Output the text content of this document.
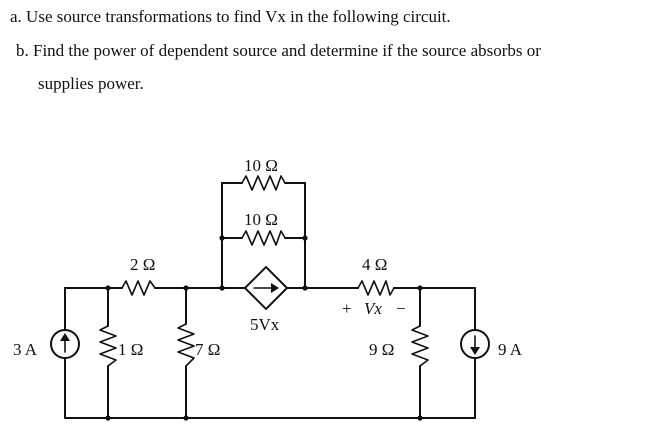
a. Use source transformations to find Vx in the following circuit.
b. Find the power of dependent source and determine if the source absorbs or
supplies power.
3 A	9 A
2 Ω
1 Ω	7 Ω
10 Ω
10 Ω
4 Ω
9 Ω
5Vx
+ Vx −
